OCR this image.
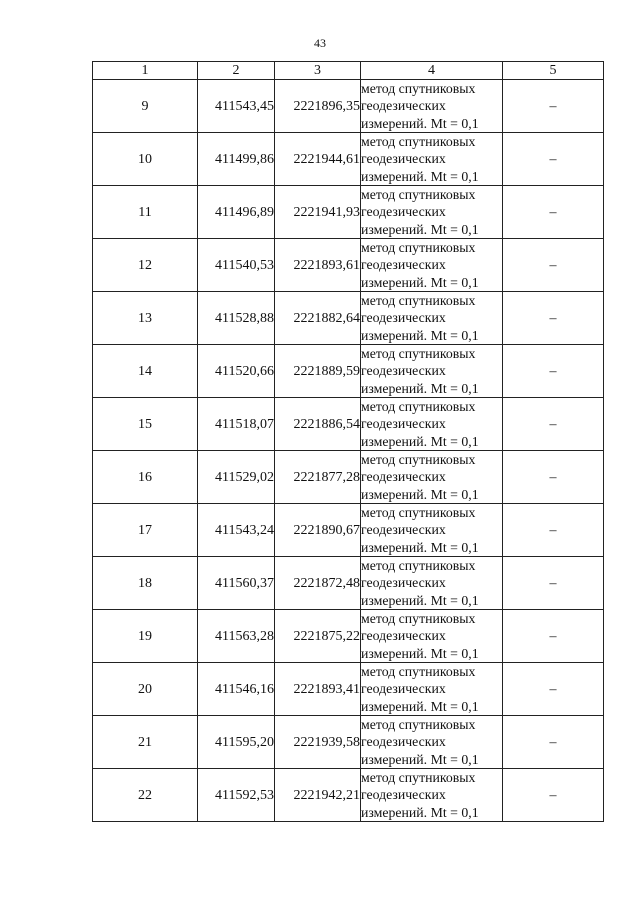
43
1	2	3	4	5
9	411543,45	2221896,35	метод спутниковых
геодезических
измерений. Mt = 0,1	–
10	411499,86	2221944,61	метод спутниковых
геодезических
измерений. Mt = 0,1	–
11	411496,89	2221941,93	метод спутниковых
геодезических
измерений. Mt = 0,1	–
12	411540,53	2221893,61	метод спутниковых
геодезических
измерений. Mt = 0,1	–
13	411528,88	2221882,64	метод спутниковых
геодезических
измерений. Mt = 0,1	–
14	411520,66	2221889,59	метод спутниковых
геодезических
измерений. Mt = 0,1	–
15	411518,07	2221886,54	метод спутниковых
геодезических
измерений. Mt = 0,1	–
16	411529,02	2221877,28	метод спутниковых
геодезических
измерений. Mt = 0,1	–
17	411543,24	2221890,67	метод спутниковых
геодезических
измерений. Mt = 0,1	–
18	411560,37	2221872,48	метод спутниковых
геодезических
измерений. Mt = 0,1	–
19	411563,28	2221875,22	метод спутниковых
геодезических
измерений. Mt = 0,1	–
20	411546,16	2221893,41	метод спутниковых
геодезических
измерений. Mt = 0,1	–
21	411595,20	2221939,58	метод спутниковых
геодезических
измерений. Mt = 0,1	–
22	411592,53	2221942,21	метод спутниковых
геодезических
измерений. Mt = 0,1	–
